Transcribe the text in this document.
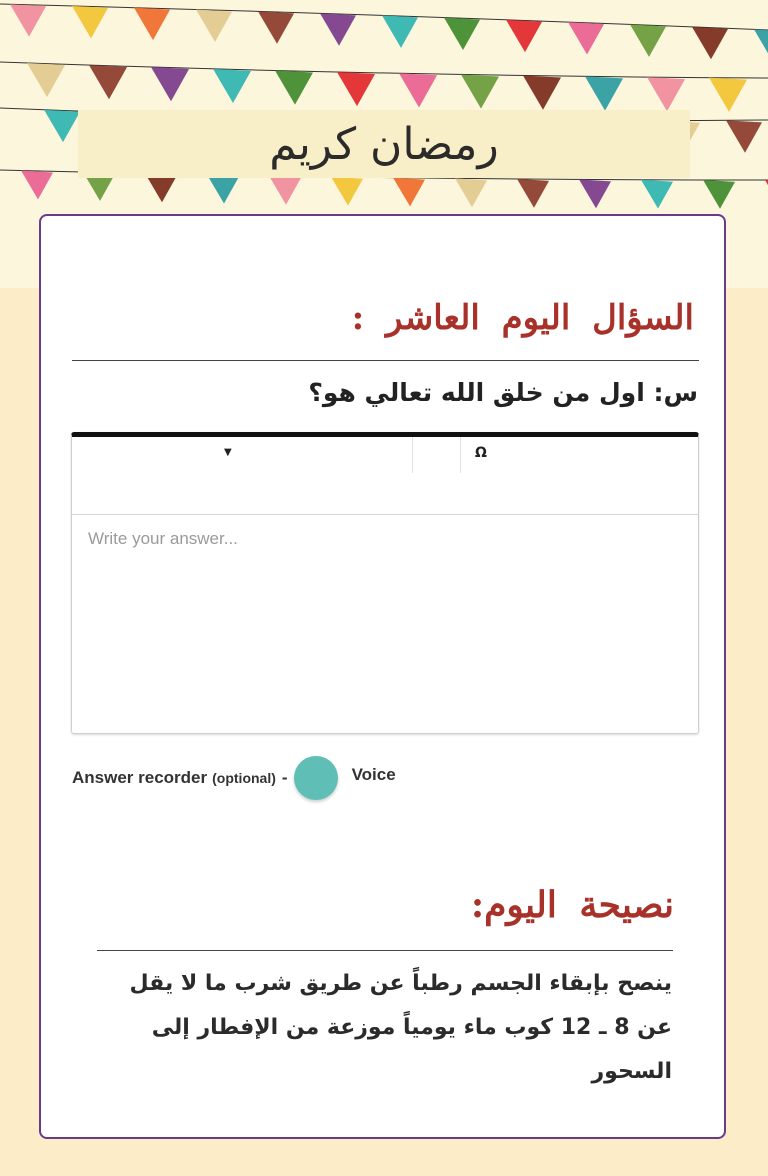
رمضان كريم
السؤال اليوم العاشر :
س: اول من خلق الله تعالي هو؟
▼	Ω
Write your answer...
Answer recorder (optional) -	Voice
نصيحة اليوم:
ينصح بإبقاء الجسم رطباً عن طريق شرب ما لا يقل عن 8 ـ 12 كوب ماء يومياً موزعة من الإفطار إلى السحور
